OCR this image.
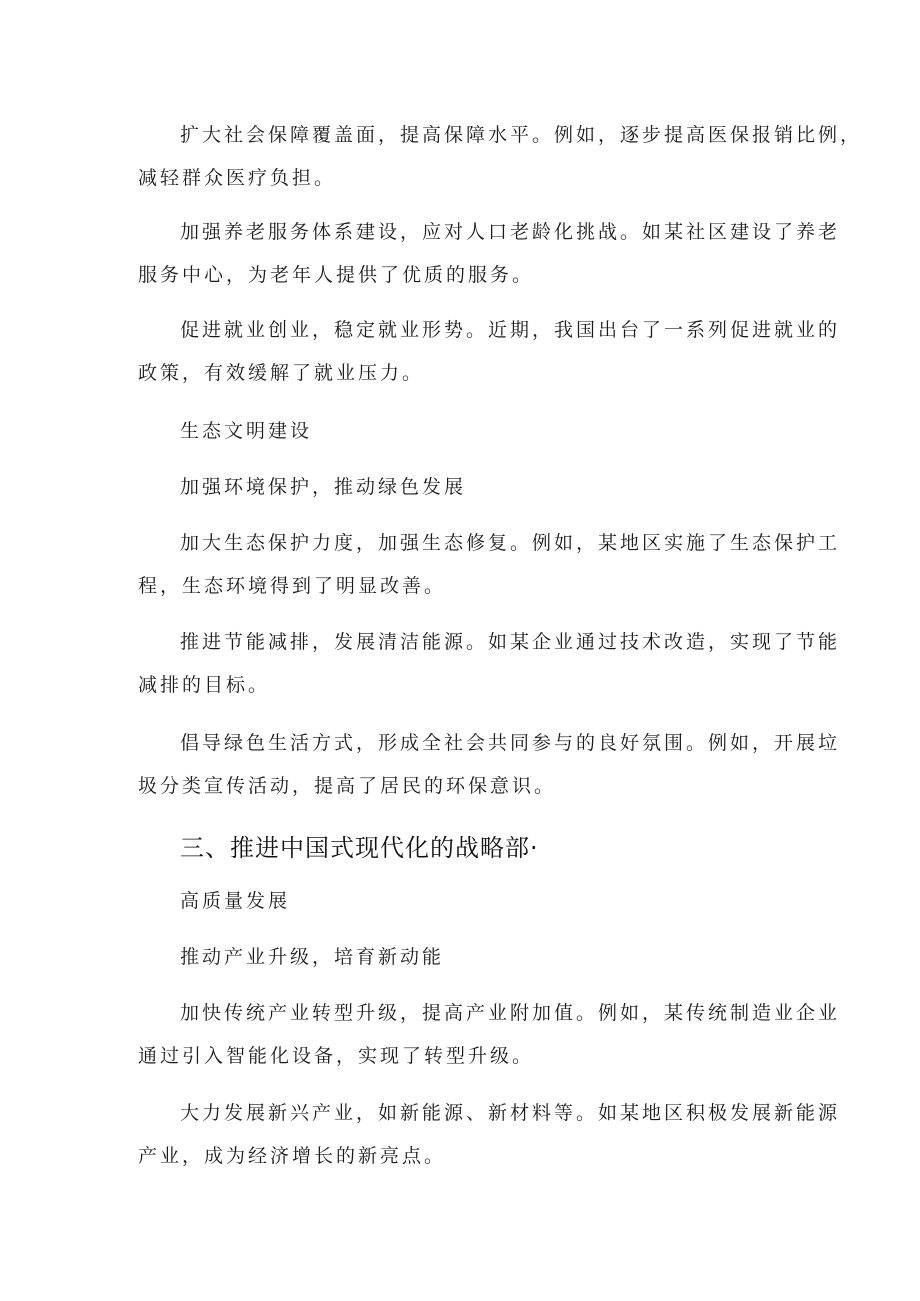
扩大社会保障覆盖面，提高保障水平。例如，逐步提高医保报销比例，
减轻群众医疗负担。

加强养老服务体系建设，应对人口老龄化挑战。如某社区建设了养老
服务中心，为老年人提供了优质的服务。

促进就业创业，稳定就业形势。近期，我国出台了一系列促进就业的
政策，有效缓解了就业压力。

生态文明建设

加强环境保护，推动绿色发展

加大生态保护力度，加强生态修复。例如，某地区实施了生态保护工
程，生态环境得到了明显改善。

推进节能减排，发展清洁能源。如某企业通过技术改造，实现了节能
减排的目标。

倡导绿色生活方式，形成全社会共同参与的良好氛围。例如，开展垃
圾分类宣传活动，提高了居民的环保意识。

三、推进中国式现代化的战略部·

高质量发展

推动产业升级，培育新动能

加快传统产业转型升级，提高产业附加值。例如，某传统制造业企业
通过引入智能化设备，实现了转型升级。

大力发展新兴产业，如新能源、新材料等。如某地区积极发展新能源
产业，成为经济增长的新亮点。
